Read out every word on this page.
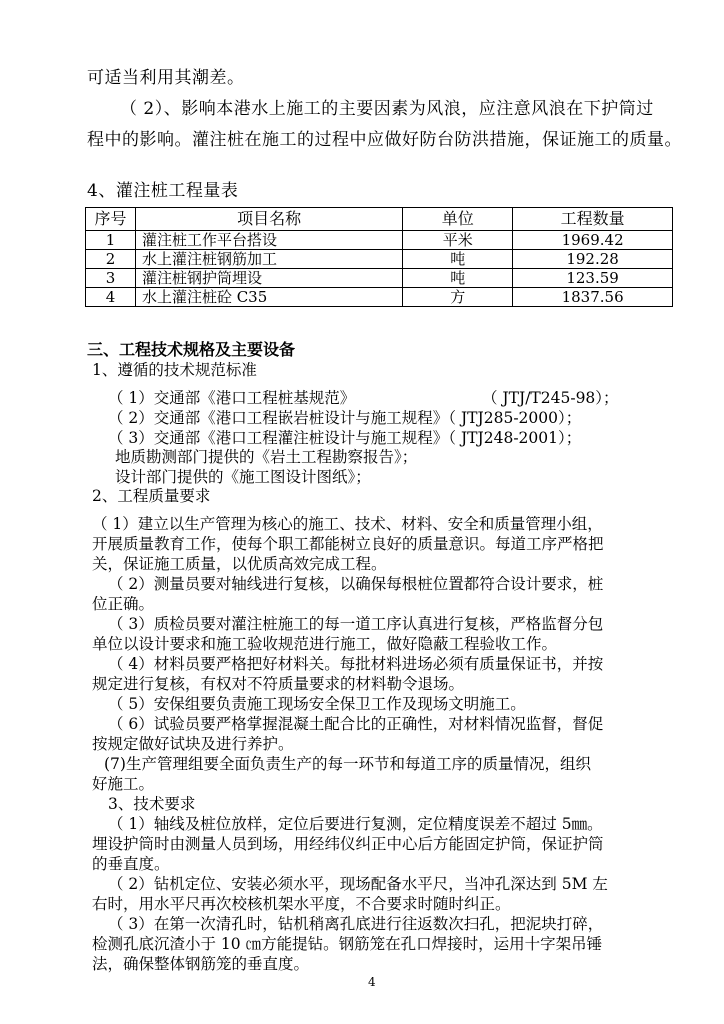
可适当利用其潮差。
（ 2）、影响本港水上施工的主要因素为风浪，应注意风浪在下护筒过
程中的影响。灌注桩在施工的过程中应做好防台防洪措施，保证施工的质量。
4、灌注桩工程量表
序号	项目名称	单位	工程数量
1	灌注桩工作平台搭设	平米	1969.42
2	水上灌注桩钢筋加工	吨	192.28
3	灌注桩钢护筒埋设	吨	123.59
4	水上灌注桩砼 C35	方	1837.56
三、工程技术规格及主要设备
1、遵循的技术规范标准
（ 1）交通部《港口工程桩基规范》	（ JTJ/T245-98）；
（ 2）交通部《港口工程嵌岩桩设计与施工规程》（ JTJ285-2000）；
（ 3）交通部《港口工程灌注桩设计与施工规程》（ JTJ248-2001）；
地质勘测部门提供的《岩土工程勘察报告》；
设计部门提供的《施工图设计图纸》；
2、工程质量要求
（ 1）建立以生产管理为核心的施工、技术、材料、安全和质量管理小组，
开展质量教育工作，使每个职工都能树立良好的质量意识。每道工序严格把
关，保证施工质量，以优质高效完成工程。
（ 2）测量员要对轴线进行复核，以确保每根桩位置都符合设计要求，桩
位正确。
（ 3）质检员要对灌注桩施工的每一道工序认真进行复核，严格监督分包
单位以设计要求和施工验收规范进行施工，做好隐蔽工程验收工作。
（ 4）材料员要严格把好材料关。每批材料进场必须有质量保证书，并按
规定进行复核，有权对不符质量要求的材料勒令退场。
（ 5）安保组要负责施工现场安全保卫工作及现场文明施工。
（ 6）试验员要严格掌握混凝土配合比的正确性，对材料情况监督，督促
按规定做好试块及进行养护。
(7)生产管理组要全面负责生产的每一环节和每道工序的质量情况，组织
好施工。
3、技术要求
（ 1）轴线及桩位放样，定位后要进行复测，定位精度误差不超过 5㎜。
埋设护筒时由测量人员到场，用经纬仪纠正中心后方能固定护筒，保证护筒
的垂直度。
（ 2）钻机定位、安装必须水平，现场配备水平尺，当冲孔深达到 5M 左
右时，用水平尺再次校核机架水平度，不合要求时随时纠正。
（ 3）在第一次清孔时，钻机稍离孔底进行往返数次扫孔，把泥块打碎，
检测孔底沉渣小于 10 ㎝方能提钻。钢筋笼在孔口焊接时，运用十字架吊锤
法，确保整体钢筋笼的垂直度。
4
